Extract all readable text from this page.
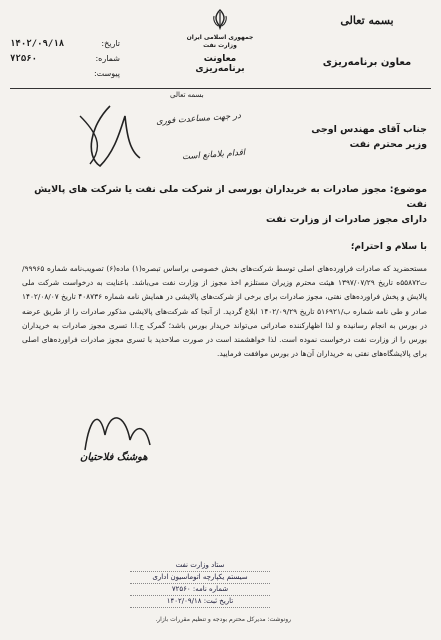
بسمه تعالی
معاون برنامه‌ریزی
جمهوری اسلامی ایران
وزارت نفت
معاونت برنامه‌ریزی
تاریخ:
۱۴۰۲/۰۹/۱۸
شماره:
۷۲۵۶۰
پیوست:
بسمه تعالی
در جهت مساعدت فوری
اقدام بلامانع است
جناب آقای مهندس اوجی
وزیر محترم نفت
موضوع: مجوز صادرات به خریداران بورسی از شرکت ملی نفت یا شرکت های پالایش نفت
دارای مجوز صادرات از وزارت نفت
با سلام و احترام؛
مستحضرید که صادرات فراورده‌های اصلی توسط شرکت‌های بخش خصوصی براساس تبصره(۱) ماده(۶) تصویب‌نامه شماره ۹۹۹۶۵/ت۵۵۸۷۲ه تاریخ ۱۳۹۷/۰۷/۲۹ هیئت محترم وزیران مستلزم اخذ مجوز از وزارت نفت می‌باشد. باعنایت به درخواست شرکت ملی پالایش و پخش فراورده‌های نفتی، مجوز صادرات برای برخی از شرکت‌های پالایشی در همایش نامه شماره ۴۰۸۷۳۶ تاریخ ۱۴۰۲/۰۸/۰۷ صادر و طی نامه شماره ب/۵۱۶۹۲۱ تاریخ ۱۴۰۲/۰۹/۲۹ ابلاغ گردید. از آنجا که شرکت‌های پالایشی مذکور صادرات را از طریق عرضه در بورس به انجام رسانیده و لذا اظهارکننده صادراتی می‌تواند خریدار بورس باشد؛ گمرک ج.ا.ا تسری مجوز صادرات به خریداران بورس را از وزارت نفت درخواست نموده است. لذا خواهشمند است در صورت صلاحدید با تسری مجوز صادرات فراورده‌های اصلی برای پالایشگاه‌های نفتی به خریداران آن‌ها در بورس موافقت فرمایید.
هوشنگ فلاحتیان
ستاد وزارت نفت
سیستم یکپارچه اتوماسیون اداری
شماره نامه: ۷۲۵۶۰
تاریخ ثبت: ۱۴۰۲/۰۹/۱۸
رونوشت: مدیرکل محترم بودجه و تنظیم مقررات بازار.
